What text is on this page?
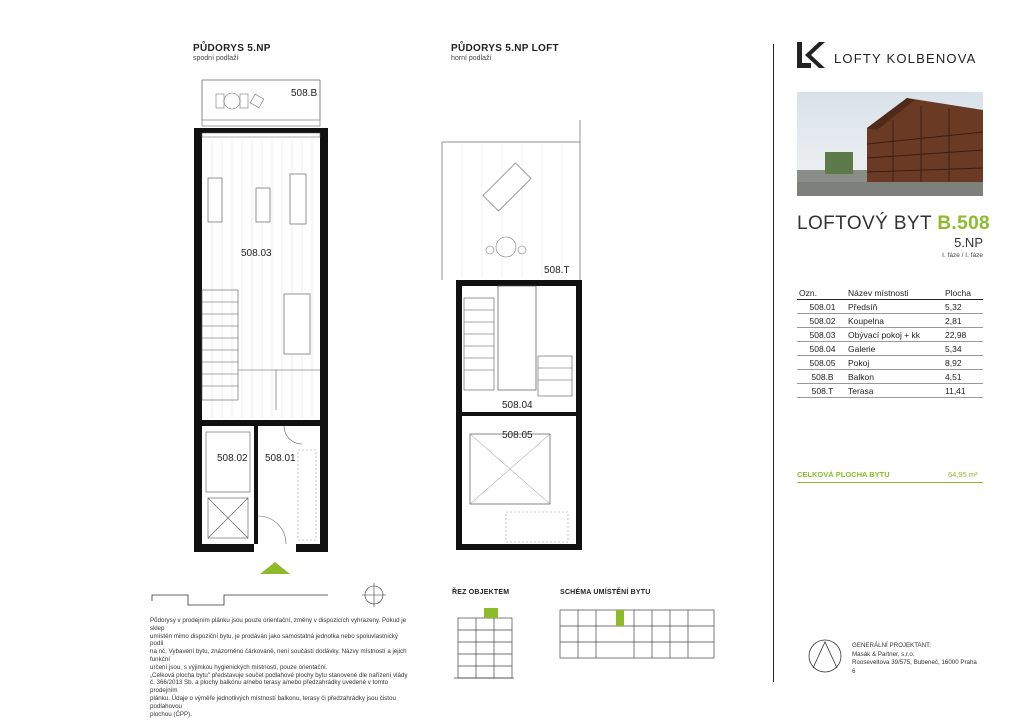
PŮDORYS 5.NP
spodní podlaží
508.B
508.03
508.02 508.01
PŮDORYS 5.NP LOFT
horní podlaží
508.T
508.04
508.05
Půdorysy v prodejním plánku jsou pouze orientační, změny v dispozicích vyhrazeny. Pokud je sklep
umístěn mimo dispoziční bytu, je prodáván jako samostatná jednotka nebo spoluvlastnický podíl
na nč. Vybavení bytu, znázorněno čárkovaně, není součástí dodávky. Názvy místností a jejich funkční
určení jsou, s výjimkou hygienických místností, pouze orientační.
„Celková plocha bytu" představuje součet podlahové plochy bytu stanovené dle nařízení vlády
č. 366/2013 Sb. a plochy balkónu a/nebo terasy a/nebo předzahrádky uvedené v tomto prodejním
plánku. Údaje o výměře jednotlivých místností balkonu, terasy či předzahrádky jsou čistou podlahovou
plochou (ČPP).
ŘEZ OBJEKTEM	SCHÉMA UMÍSTĚNÍ BYTU
LOFTY KOLBENOVA
LOFTOVÝ BYT B.508
5.NP
I. fáze / I. fáze
Ozn.	Název místnosti	Plocha
508.01	Předsíň	5,32
508.02	Koupelna	2,81
508.03	Obývací pokoj + kk	22,98
508.04	Galerie	5,34
508.05	Pokoj	8,92
508.B	Balkon	4,51
508.T	Terasa	11,41
CELKOVÁ PLOCHA BYTU	64,95 m²
GENERÁLNÍ PROJEKTANT:
Masák & Partner, s.r.o.
Rooseveltova 39/575, Bubeneč, 16000 Praha 6
